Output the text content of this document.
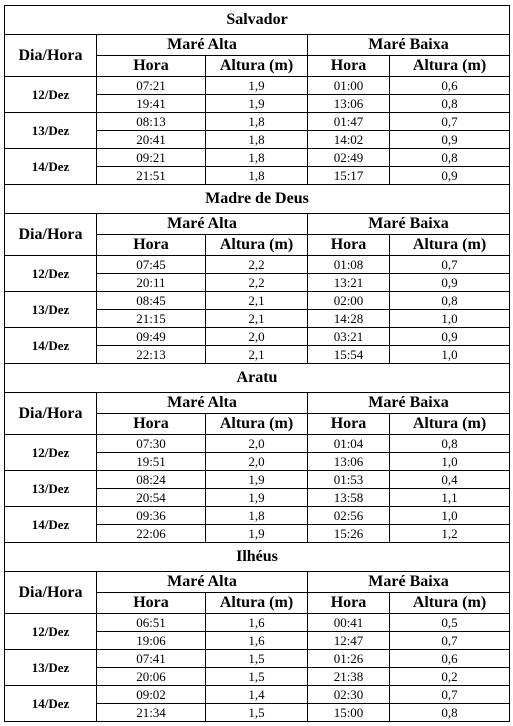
Salvador				
Dia/Hora	Maré Alta		Maré Baixa	
	Hora	Altura (m)	Hora	Altura (m)
12/Dez	07:21	1,9	01:00	0,6
	19:41	1,9	13:06	0,8
13/Dez	08:13	1,8	01:47	0,7
	20:41	1,8	14:02	0,9
14/Dez	09:21	1,8	02:49	0,8
	21:51	1,8	15:17	0,9
Madre de Deus				
Dia/Hora	Maré Alta		Maré Baixa	
	Hora	Altura (m)	Hora	Altura (m)
12/Dez	07:45	2,2	01:08	0,7
	20:11	2,2	13:21	0,9
13/Dez	08:45	2,1	02:00	0,8
	21:15	2,1	14:28	1,0
14/Dez	09:49	2,0	03:21	0,9
	22:13	2,1	15:54	1,0
Aratu				
Dia/Hora	Maré Alta		Maré Baixa	
	Hora	Altura (m)	Hora	Altura (m)
12/Dez	07:30	2,0	01:04	0,8
	19:51	2,0	13:06	1,0
13/Dez	08:24	1,9	01:53	0,4
	20:54	1,9	13:58	1,1
14/Dez	09:36	1,8	02:56	1,0
	22:06	1,9	15:26	1,2
Ilhéus				
Dia/Hora	Maré Alta		Maré Baixa	
	Hora	Altura (m)	Hora	Altura (m)
12/Dez	06:51	1,6	00:41	0,5
	19:06	1,6	12:47	0,7
13/Dez	07:41	1,5	01:26	0,6
	20:06	1,5	21:38	0,2
14/Dez	09:02	1,4	02:30	0,7
	21:34	1,5	15:00	0,8
